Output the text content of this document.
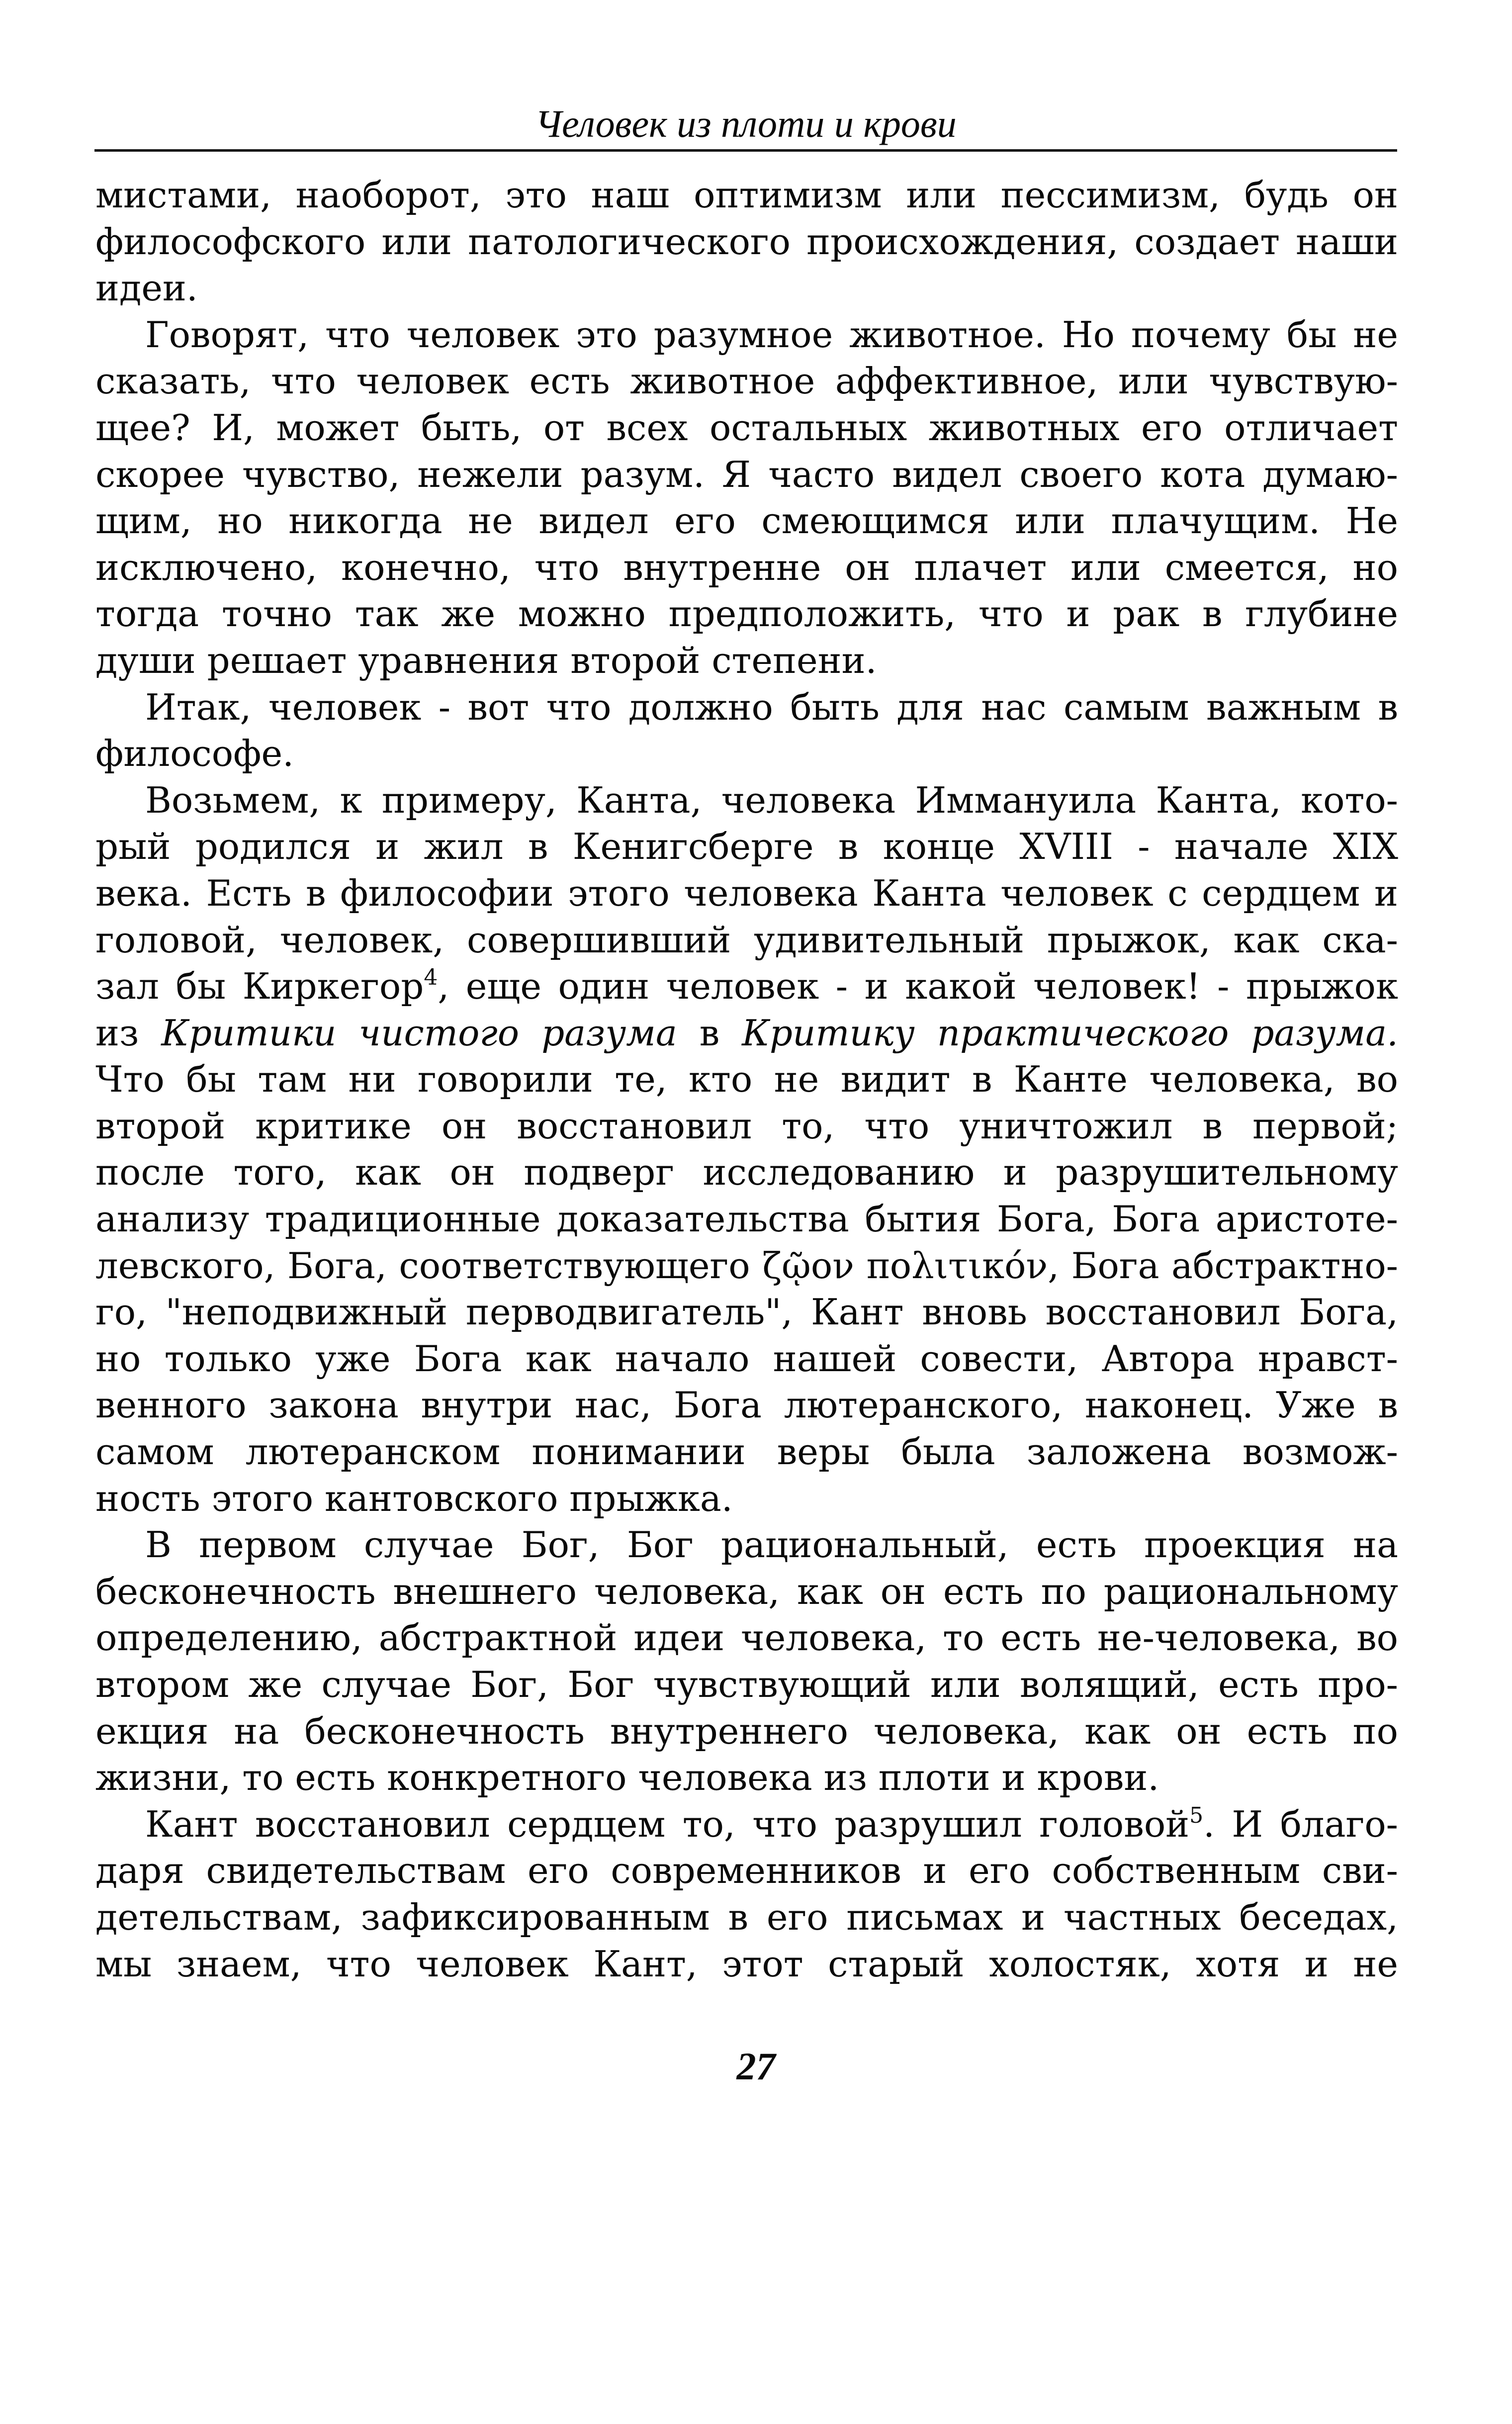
Человек из плоти и крови
мистами, наоборот, это наш оптимизм или пессимизм, будь он
философского или патологического происхождения, создает наши
идеи.
Говорят, что человек это разумное животное. Но почему бы не
сказать, что человек есть животное аффективное, или чувствую-
щее? И, может быть, от всех остальных животных его отличает
скорее чувство, нежели разум. Я часто видел своего кота думаю-
щим, но никогда не видел его смеющимся или плачущим. Не
исключено, конечно, что внутренне он плачет или смеется, но
тогда точно так же можно предположить, что и рак в глубине
души решает уравнения второй степени.
Итак, человек - вот что должно быть для нас самым важным в
философе.
Возьмем, к примеру, Канта, человека Иммануила Канта, кото-
рый родился и жил в Кенигсберге в конце XVIII - начале XIX
века. Есть в философии этого человека Канта человек с сердцем и
головой, человек, совершивший удивительный прыжок, как ска-
зал бы Киркегор$^4$, еще один человек - и какой человек! - прыжок
из Критики чистого разума в Критику практического разума.
Что бы там ни говорили те, кто не видит в Канте человека, во
второй критике он восстановил то, что уничтожил в первой;
после того, как он подверг исследованию и разрушительному
анализу традиционные доказательства бытия Бога, Бога аристоте-
левского, Бога, соответствующего ζῷον πολιτικόν, Бога абстрактно-
го, "неподвижный перводвигатель", Кант вновь восстановил Бога,
но только уже Бога как начало нашей совести, Автора нравст-
венного закона внутри нас, Бога лютеранского, наконец. Уже в
самом лютеранском понимании веры была заложена возмож-
ность этого кантовского прыжка.
В первом случае Бог, Бог рациональный, есть проекция на
бесконечность внешнего человека, как он есть по рациональному
определению, абстрактной идеи человека, то есть не-человека, во
втором же случае Бог, Бог чувствующий или волящий, есть про-
екция на бесконечность внутреннего человека, как он есть по
жизни, то есть конкретного человека из плоти и крови.
Кант восстановил сердцем то, что разрушил головой$^5$. И благо-
даря свидетельствам его современников и его собственным сви-
детельствам, зафиксированным в его письмах и частных беседах,
мы знаем, что человек Кант, этот старый холостяк, хотя и не
27
